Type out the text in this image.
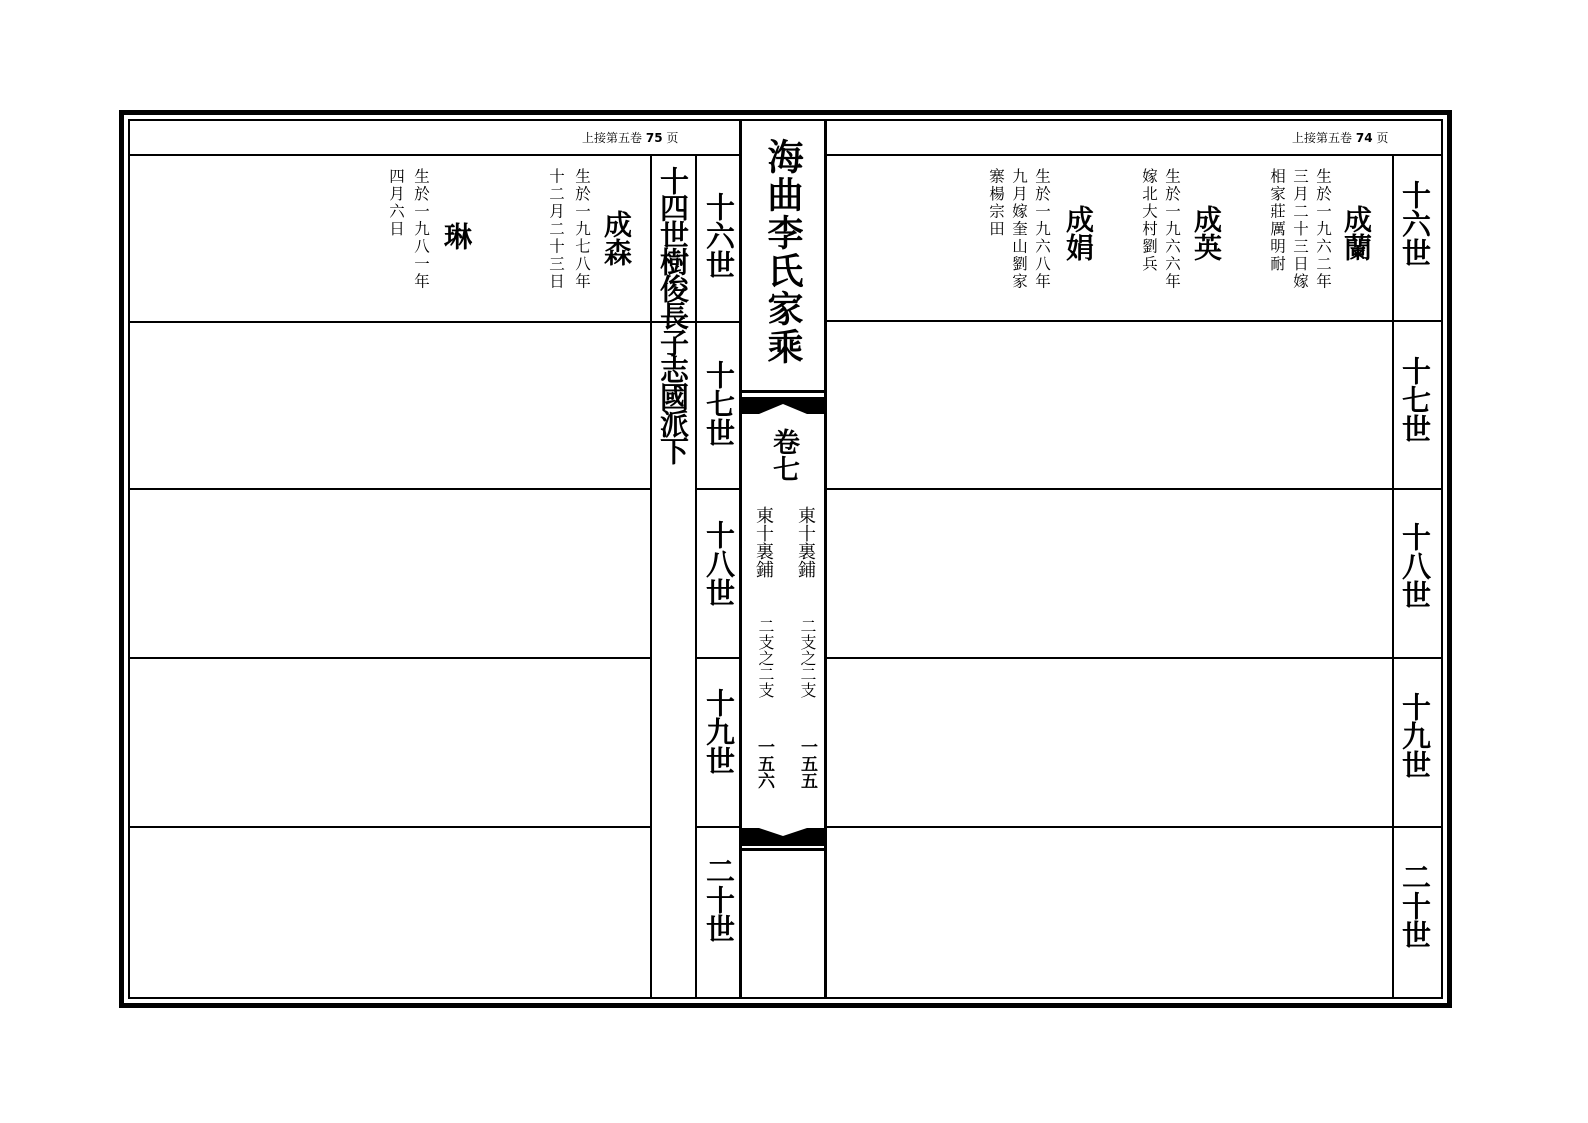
海曲李氏家乘
卷七
東十裏鋪
東十裏鋪
二支之二支
二支之二支
一五五
一五六
上接第五卷 75 页	上接第五卷 74 页
十四世樹俊長子志國派下 十六世
十七世
十八世
十九世
二十世
十六世
十七世
十八世
十九世
二十世
成蘭
生於一九六二年
三月二十三日嫁
相家莊厲明耐
成英
生於一九六六年
嫁北大村劉兵
成娟
生於一九六八年
九月嫁奎山劉家
寨楊宗田
成森
生於一九七八年
十二月二十三日
琳
生於一九八一年
四月六日
